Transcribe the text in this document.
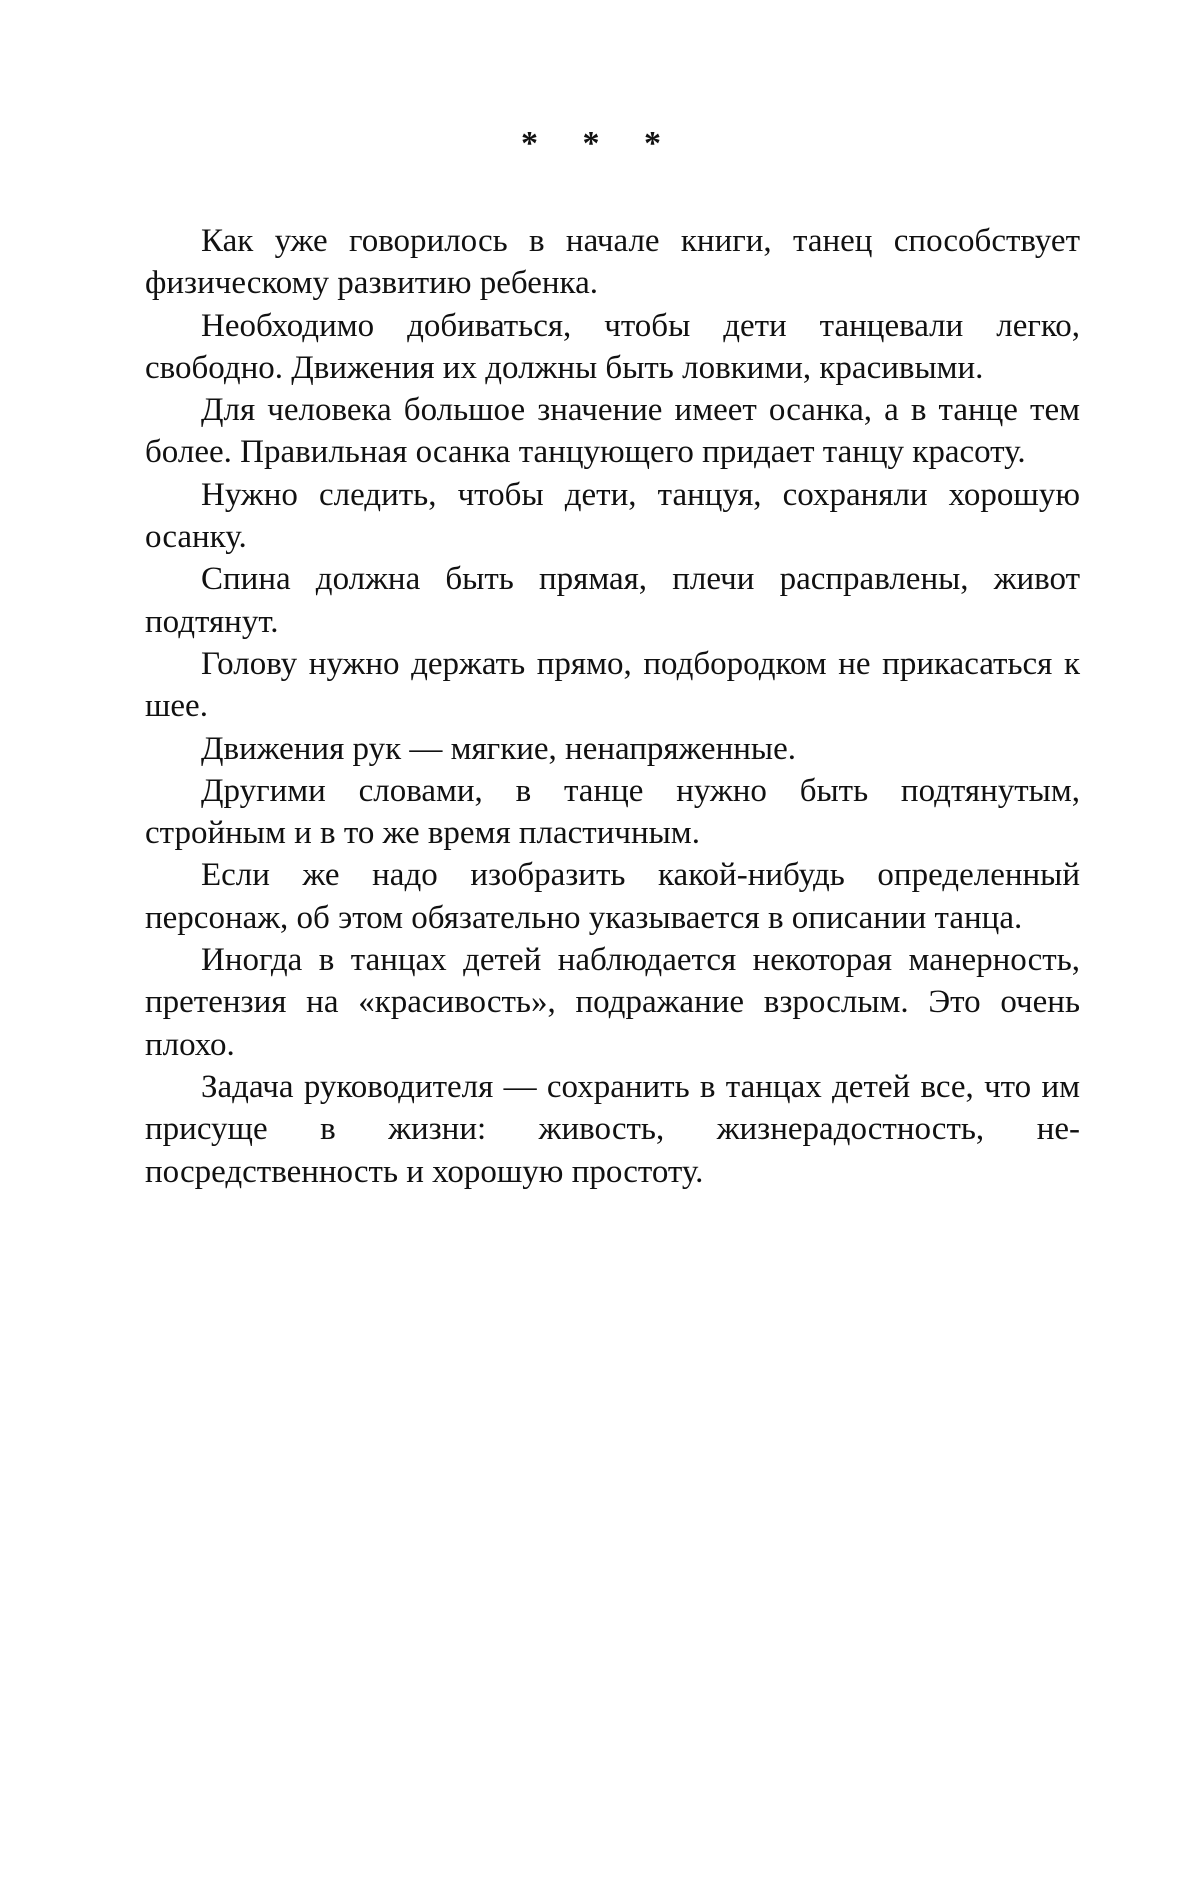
* * *

Как уже говорилось в начале книги, танец способствует физическому развитию ребенка.

Необходимо добиваться, чтобы дети танцевали легко, свободно. Движения их должны быть ловкими, красивыми.

Для человека большое значение имеет осанка, а в танце тем более. Правильная осанка танцующего придает танцу красоту.

Нужно следить, чтобы дети, танцуя, сохраняли хорошую осанку.

Спина должна быть прямая, плечи расправлены, живот подтянут.

Голову нужно держать прямо, подбородком не прикасаться к шее.

Движения рук — мягкие, ненапряженные.

Другими словами, в танце нужно быть подтянутым, стройным и в то же время пластичным.

Если же надо изобразить какой-нибудь определенный персонаж, об этом обязательно указывается в описании танца.

Иногда в танцах детей наблюдается некоторая манерность, претензия на «красивость», подражание взрослым. Это очень плохо.

Задача руководителя — сохранить в танцах детей все, что им присуще в жизни: живость, жизнерадостность, непосредственность и хорошую простоту.
